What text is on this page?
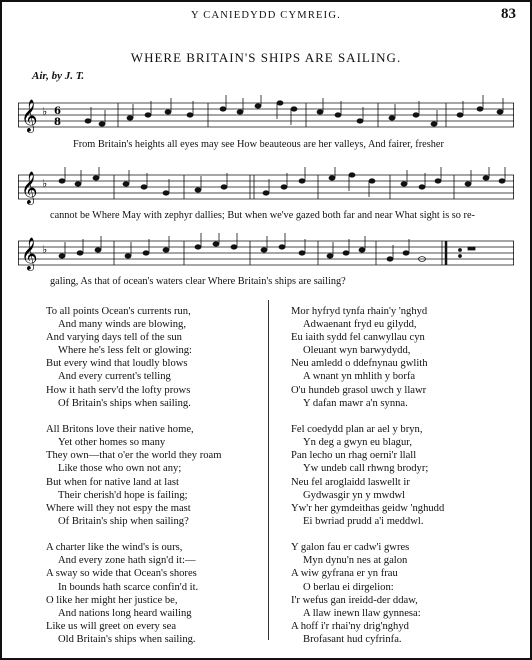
Y CANIEDYDD CYMREIG.	83
WHERE BRITAIN'S SHIPS ARE SAILING.
Air, by J. T.
𝄞 ♭ 6
8
From Britain's heights all eyes may see How beauteous are her valleys, And fairer, fresher
𝄞 ♭
cannot be Where May with zephyr dallies; But when we've gazed both far and near What sight is so re-
𝄞 ♭
galing, As that of ocean's waters clear Where Britain's ships are sailing?
To all points Ocean's currents run,
And many winds are blowing,
And varying days tell of the sun
Where he's less felt or glowing:
But every wind that loudly blows
And every current's telling
How it hath serv'd the lofty prows
Of Britain's ships when sailing.
All Britons love their native home,
Yet other homes so many
They own—that o'er the world they roam
Like those who own not any;
But when for native land at last
Their cherish'd hope is failing;
Where will they not espy the mast
Of Britain's ship when sailing?
A charter like the wind's is ours,
And every zone hath sign'd it:—
A sway so wide that Ocean's shores
In bounds hath scarce confin'd it.
O like her might her justice be,
And nations long heard wailing
Like us will greet on every sea
Old Britain's ships when sailing.
Mor hyfryd tynfa rhain'y 'nghyd
Adwaenant fryd eu gilydd,
Eu iaith sydd fel canwyllau cyn
Oleuant wyn barwydydd,
Neu amledd o ddefnynau gwlith
A wnant yn mhlith y borfa
O'u hundeb grasol uwch y llawr
Y dafan mawr a'n synna.
Fel coedydd plan ar ael y bryn,
Yn deg a gwyn eu blagur,
Pan lecho un rhag oerni'r llall
Yw undeb call rhwng brodyr;
Neu fel aroglaidd laswellt ir
Gydwasgir yn y mwdwl
Yw'r her gymdeithas geidw 'nghudd
Ei bwriad prudd a'i meddwl.
Y galon fau er cadw'i gwres
Myn dynu'n nes at galon
A wiw gyfrana er yn frau
O berlau ei dirgelion:
I'r wefus gan ireidd-der ddaw,
A llaw inewn llaw gynnesa:
A hoff i'r rhai'ny drig'nghyd
Brofasant hud cyfrinfa.
